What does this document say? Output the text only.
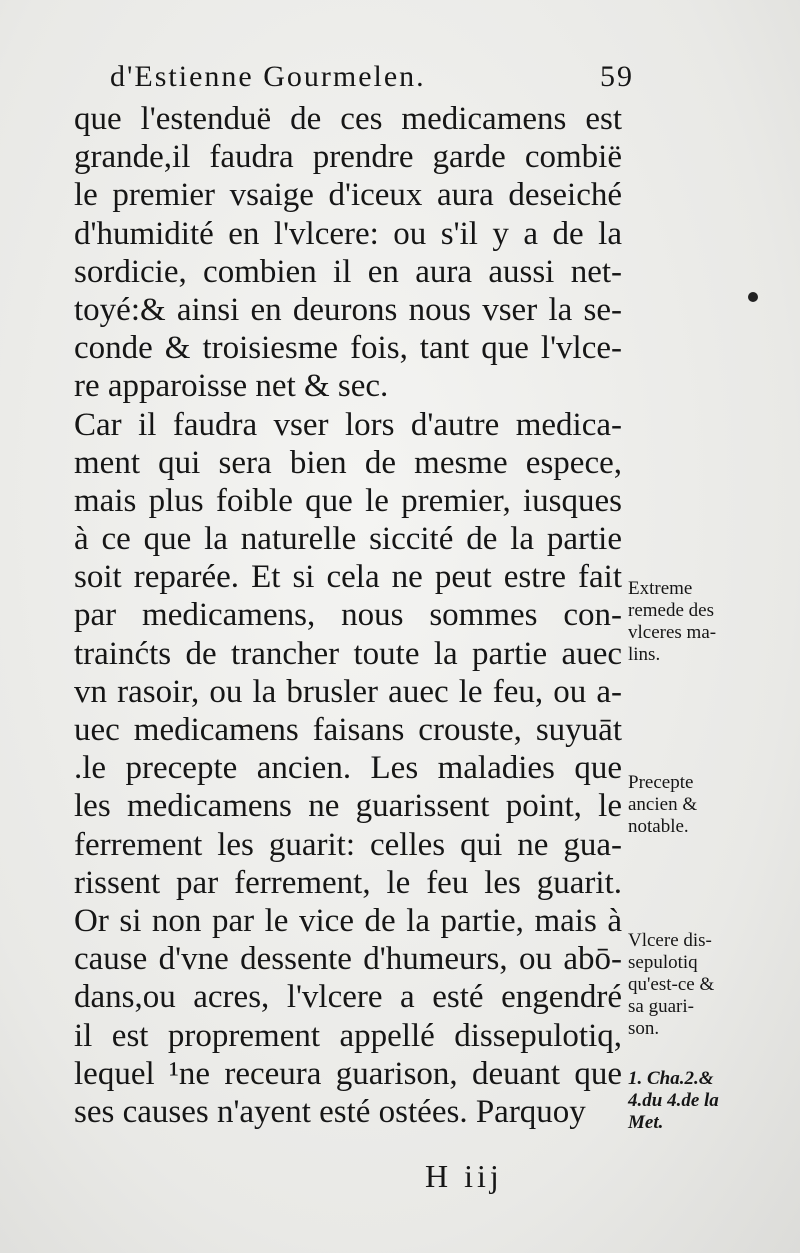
d'Estienne Gourmelen.	59
que l'estenduë de ces medicamens est
grande,il faudra prendre garde combië
le premier vsaige d'iceux aura deseiché
d'humidité en l'vlcere: ou s'il y a de la
sordicie, combien il en aura aussi net-
toyé:& ainsi en deurons nous vser la se-
conde & troisiesme fois, tant que l'vlce-
re apparoisse net & sec.
Car il faudra vser lors d'autre medica-
ment qui sera bien de mesme espece,
mais plus foible que le premier, iusques
à ce que la naturelle siccité de la partie
soit reparée. Et si cela ne peut estre fait
par medicamens, nous sommes con-
trainćts de trancher toute la partie auec
vn rasoir, ou la brusler auec le feu, ou a-
uec medicamens faisans crouste, suyuāt
.le precepte ancien. Les maladies que
les medicamens ne guarissent point, le
ferrement les guarit: celles qui ne gua-
rissent par ferrement, le feu les guarit.
Or si non par le vice de la partie, mais à
cause d'vne dessente d'humeurs, ou abō-
dans,ou acres, l'vlcere a esté engendré
il est proprement appellé dissepulotiq,
lequel ¹ne receura guarison, deuant que
ses causes n'ayent esté ostées. Parquoy
Extreme
remede des
vlceres ma-
lins.
Precepte
ancien &
notable.
Vlcere dis-
sepulotiq
qu'est-ce &
sa guari-
son.
1. Cha.2.&
4.du 4.de la
Met.
H iij
